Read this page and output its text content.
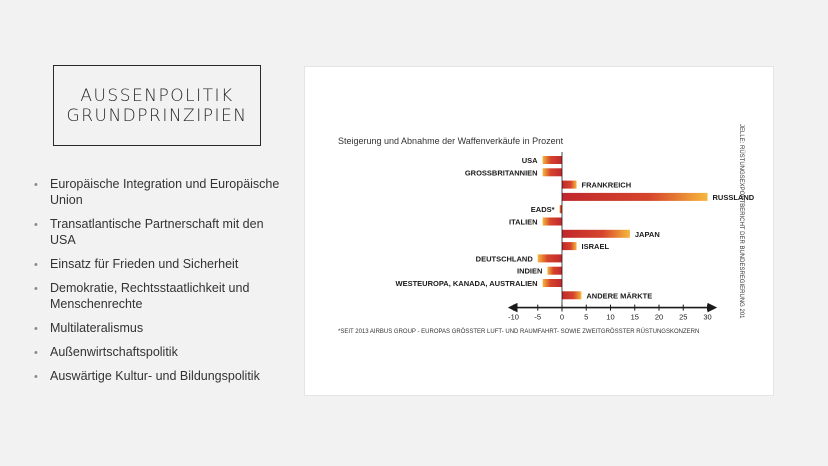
AUSSENPOLITIK
GRUNDPRINZIPIEN
• Europäische Integration und Europäische Union
• Transatlantische Partnerschaft mit den USA
• Einsatz für Frieden und Sicherheit
• Demokratie, Rechtsstaatlichkeit und Menschenrechte
• Multilateralismus
• Außenwirtschaftspolitik
• Auswärtige Kultur- und Bildungspolitik
Steigerung und Abnahme der Waffenverkäufe in Prozent
USA
GROSSBRITANNIEN
FRANKREICH
RUSSLAND
EADS*
ITALIEN
JAPAN
ISRAEL
DEUTSCHLAND
INDIEN
WESTEUROPA, KANADA, AUSTRALIEN
ANDERE MÄRKTE
-10 -5	0	5 10 15 20 25 30
*SEIT 2013 AIRBUS GROUP - EUROPAS GRÖSSTER LUFT- UND RAUMFAHRT- SOWIE ZWEITGRÖSSTER RÜSTUNGSKONZERN
JELLE: RÜSTUNGSEXPORTBERICHT DER BUNDESREGIERUNG 201
